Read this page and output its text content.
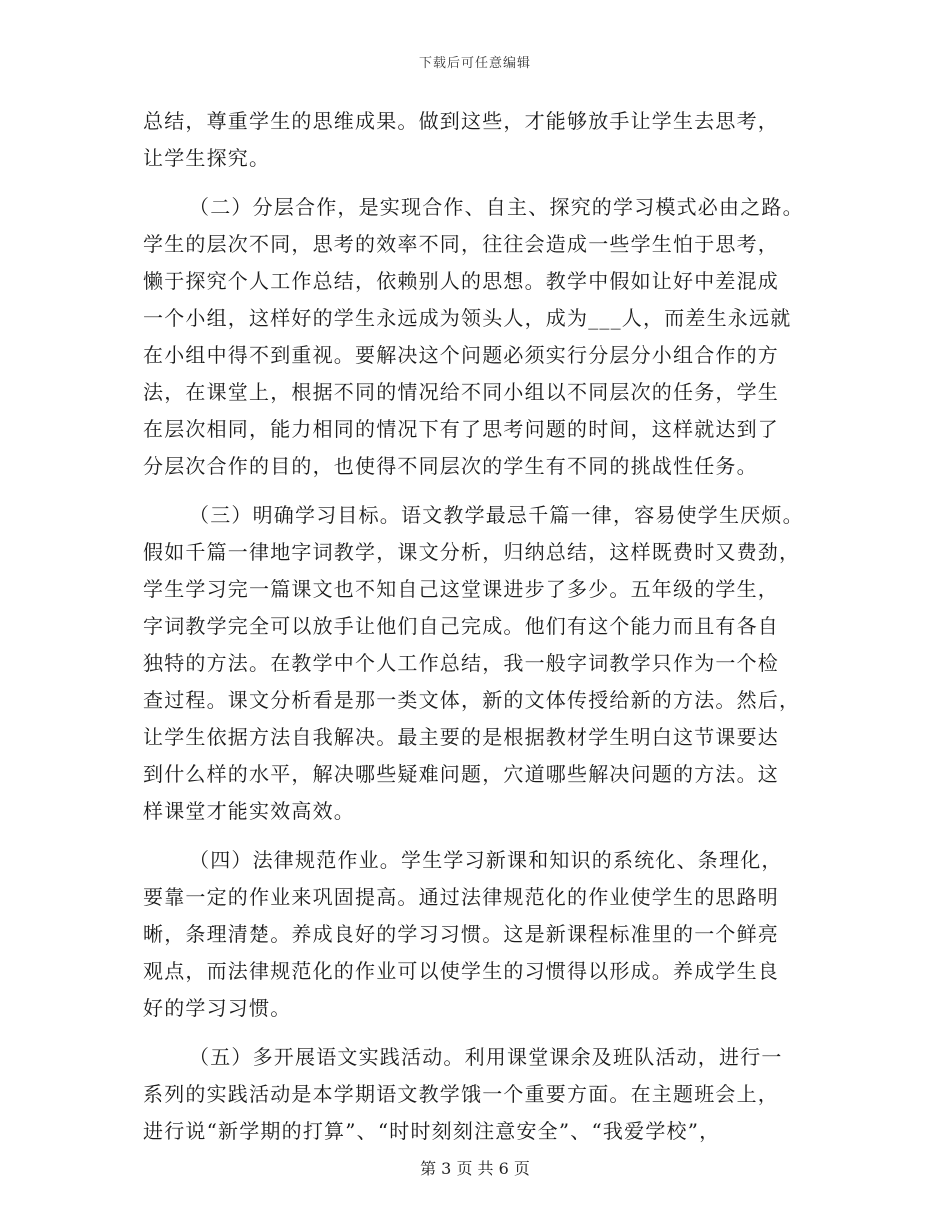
下载后可任意编辑
总结，尊重学生的思维成果。做到这些，才能够放手让学生去思考，
让学生探究。
（二）分层合作，是实现合作、自主、探究的学习模式必由之路。
学生的层次不同，思考的效率不同，往往会造成一些学生怕于思考，
懒于探究个人工作总结，依赖别人的思想。教学中假如让好中差混成
一个小组，这样好的学生永远成为领头人，成为___人，而差生永远就
在小组中得不到重视。要解决这个问题必须实行分层分小组合作的方
法，在课堂上，根据不同的情况给不同小组以不同层次的任务，学生
在层次相同，能力相同的情况下有了思考问题的时间，这样就达到了
分层次合作的目的，也使得不同层次的学生有不同的挑战性任务。
（三）明确学习目标。语文教学最忌千篇一律，容易使学生厌烦。
假如千篇一律地字词教学，课文分析，归纳总结，这样既费时又费劲，
学生学习完一篇课文也不知自己这堂课进步了多少。五年级的学生，
字词教学完全可以放手让他们自己完成。他们有这个能力而且有各自
独特的方法。在教学中个人工作总结，我一般字词教学只作为一个检
查过程。课文分析看是那一类文体，新的文体传授给新的方法。然后，
让学生依据方法自我解决。最主要的是根据教材学生明白这节课要达
到什么样的水平，解决哪些疑难问题，穴道哪些解决问题的方法。这
样课堂才能实效高效。
（四）法律规范作业。学生学习新课和知识的系统化、条理化，
要靠一定的作业来巩固提高。通过法律规范化的作业使学生的思路明
晰，条理清楚。养成良好的学习习惯。这是新课程标准里的一个鲜亮
观点，而法律规范化的作业可以使学生的习惯得以形成。养成学生良
好的学习习惯。
（五）多开展语文实践活动。利用课堂课余及班队活动，进行一
系列的实践活动是本学期语文教学饿一个重要方面。在主题班会上，
进行说“新学期的打算”、“时时刻刻注意安全”、“我爱学校”，
第 3 页 共 6 页
